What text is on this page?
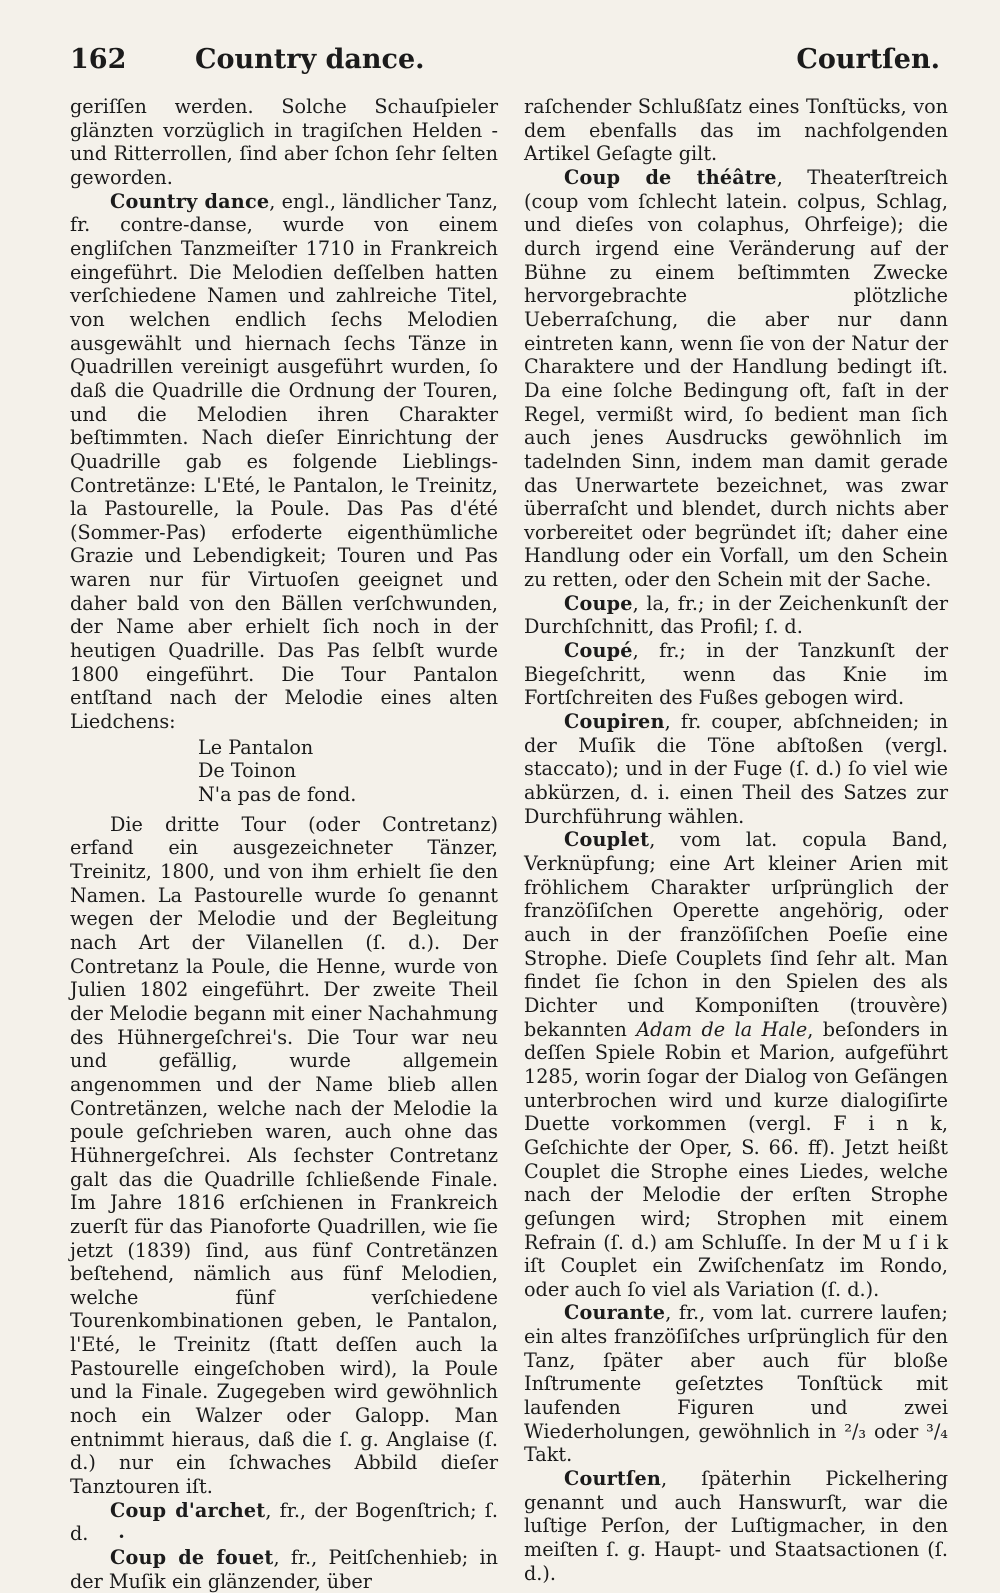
162	Country dance.	Courtſen.

geriſſen werden. Solche Schauſpieler glänzten vorzüglich in tragiſchen Helden - und Ritterrollen, ſind aber ſchon ſehr ſelten geworden.

Country dance, engl., ländlicher Tanz, fr. contre-danse, wurde von einem engliſchen Tanzmeiſter 1710 in Frankreich eingeführt. Die Melodien deſſelben hatten verſchiedene Namen und zahlreiche Titel, von welchen endlich ſechs Melodien ausgewählt und hiernach ſechs Tänze in Quadrillen vereinigt ausgeführt wurden, ſo daß die Quadrille die Ordnung der Touren, und die Melodien ihren Charakter beſtimmten. Nach dieſer Einrichtung der Quadrille gab es folgende Lieblings-Contretänze: L'Eté, le Pantalon, le Treinitz, la Pastourelle, la Poule. Das Pas d'été (Sommer-Pas) erfoderte eigenthümliche Grazie und Lebendigkeit; Touren und Pas waren nur für Virtuoſen geeignet und daher bald von den Bällen verſchwunden, der Name aber erhielt ſich noch in der heutigen Quadrille. Das Pas ſelbſt wurde 1800 eingeführt. Die Tour Pantalon entſtand nach der Melodie eines alten Liedchens:

Le Pantalon
De Toinon
N'a pas de fond.

Die dritte Tour (oder Contretanz) erfand ein ausgezeichneter Tänzer, Treinitz, 1800, und von ihm erhielt ſie den Namen. La Pastourelle wurde ſo genannt wegen der Melodie und der Begleitung nach Art der Vilanellen (ſ. d.). Der Contretanz la Poule, die Henne, wurde von Julien 1802 eingeführt. Der zweite Theil der Melodie begann mit einer Nachahmung des Hühnergeſchrei's. Die Tour war neu und gefällig, wurde allgemein angenommen und der Name blieb allen Contretänzen, welche nach der Melodie la poule geſchrieben waren, auch ohne das Hühnergeſchrei. Als ſechster Contretanz galt das die Quadrille ſchließende Finale. Im Jahre 1816 erſchienen in Frankreich zuerſt für das Pianoforte Quadrillen, wie ſie jetzt (1839) ſind, aus fünf Contretänzen beſtehend, nämlich aus fünf Melodien, welche fünf verſchiedene Tourenkombinationen geben, le Pantalon, l'Eté, le Treinitz (ſtatt deſſen auch la Pastourelle eingeſchoben wird), la Poule und la Finale. Zugegeben wird gewöhnlich noch ein Walzer oder Galopp. Man entnimmt hieraus, daß die ſ. g. Anglaise (ſ. d.) nur ein ſchwaches Abbild dieſer Tanztouren iſt.

Coup d'archet, fr., der Bogenſtrich; ſ. d.

Coup de fouet, fr., Peitſchenhieb; in der Muſik ein glänzender, über

raſchender Schlußſatz eines Tonſtücks, von dem ebenfalls das im nachfolgenden Artikel Geſagte gilt.

Coup de théâtre, Theaterſtreich (coup vom ſchlecht latein. colpus, Schlag, und dieſes von colaphus, Ohrfeige); die durch irgend eine Veränderung auf der Bühne zu einem beſtimmten Zwecke hervorgebrachte plötzliche Ueberraſchung, die aber nur dann eintreten kann, wenn ſie von der Natur der Charaktere und der Handlung bedingt iſt. Da eine ſolche Bedingung oft, faſt in der Regel, vermißt wird, ſo bedient man ſich auch jenes Ausdrucks gewöhnlich im tadelnden Sinn, indem man damit gerade das Unerwartete bezeichnet, was zwar überraſcht und blendet, durch nichts aber vorbereitet oder begründet iſt; daher eine Handlung oder ein Vorfall, um den Schein zu retten, oder den Schein mit der Sache.

Coupe, la, fr.; in der Zeichenkunſt der Durchſchnitt, das Profil; ſ. d.

Coupé, fr.; in der Tanzkunſt der Biegeſchritt, wenn das Knie im Fortſchreiten des Fußes gebogen wird.

Coupiren, fr. couper, abſchneiden; in der Muſik die Töne abſtoßen (vergl. staccato); und in der Fuge (ſ. d.) ſo viel wie abkürzen, d. i. einen Theil des Satzes zur Durchführung wählen.

Couplet, vom lat. copula Band, Verknüpfung; eine Art kleiner Arien mit fröhlichem Charakter urſprünglich der franzöſiſchen Operette angehörig, oder auch in der franzöſiſchen Poeſie eine Strophe. Dieſe Couplets ſind ſehr alt. Man findet ſie ſchon in den Spielen des als Dichter und Komponiſten (trouvère) bekannten Adam de la Hale, beſonders in deſſen Spiele Robin et Marion, aufgeführt 1285, worin ſogar der Dialog von Geſängen unterbrochen wird und kurze dialogiſirte Duette vorkommen (vergl. F i n k, Geſchichte der Oper, S. 66. ff). Jetzt heißt Couplet die Strophe eines Liedes, welche nach der Melodie der erſten Strophe geſungen wird; Strophen mit einem Refrain (ſ. d.) am Schluſſe. In der M u ſ i k iſt Couplet ein Zwiſchenſatz im Rondo, oder auch ſo viel als Variation (ſ. d.).

Courante, fr., vom lat. currere laufen; ein altes franzöſiſches urſprünglich für den Tanz, ſpäter aber auch für bloße Inſtrumente geſetztes Tonſtück mit laufenden Figuren und zwei Wiederholungen, gewöhnlich in ²/₃ oder ³/₄ Takt.

Courtſen, ſpäterhin Pickelhering genannt und auch Hanswurſt, war die luſtige Perſon, der Luſtigmacher, in den meiſten ſ. g. Haupt- und Staatsactionen (ſ. d.).

•
